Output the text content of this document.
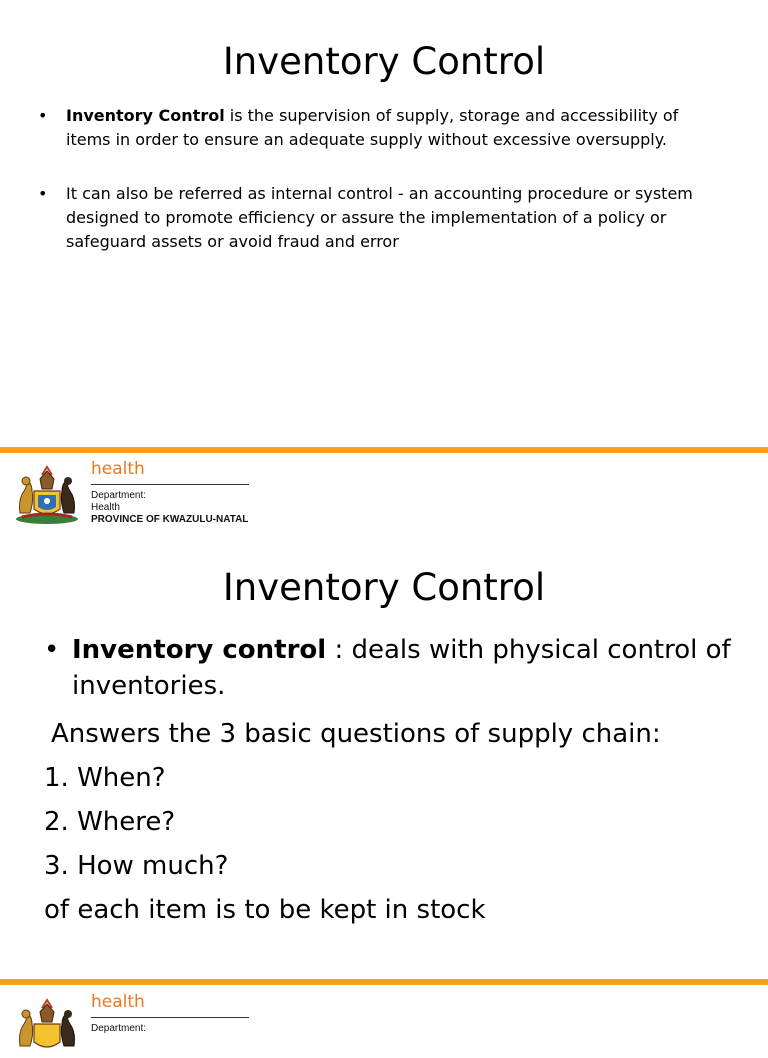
Inventory Control
• Inventory Control is the supervision of supply, storage and accessibility of items in order to ensure an adequate supply without excessive oversupply.
• It can also be referred as internal control - an accounting procedure or system designed to promote efficiency or assure the implementation of a policy or safeguard assets or avoid fraud and error
health
Department:
Health
PROVINCE OF KWAZULU-NATAL
Inventory Control
• Inventory control : deals with physical control of inventories.
Answers the 3 basic questions of supply chain:
1. When?
2. Where?
3. How much?
of each item is to be kept in stock
health
Department:
